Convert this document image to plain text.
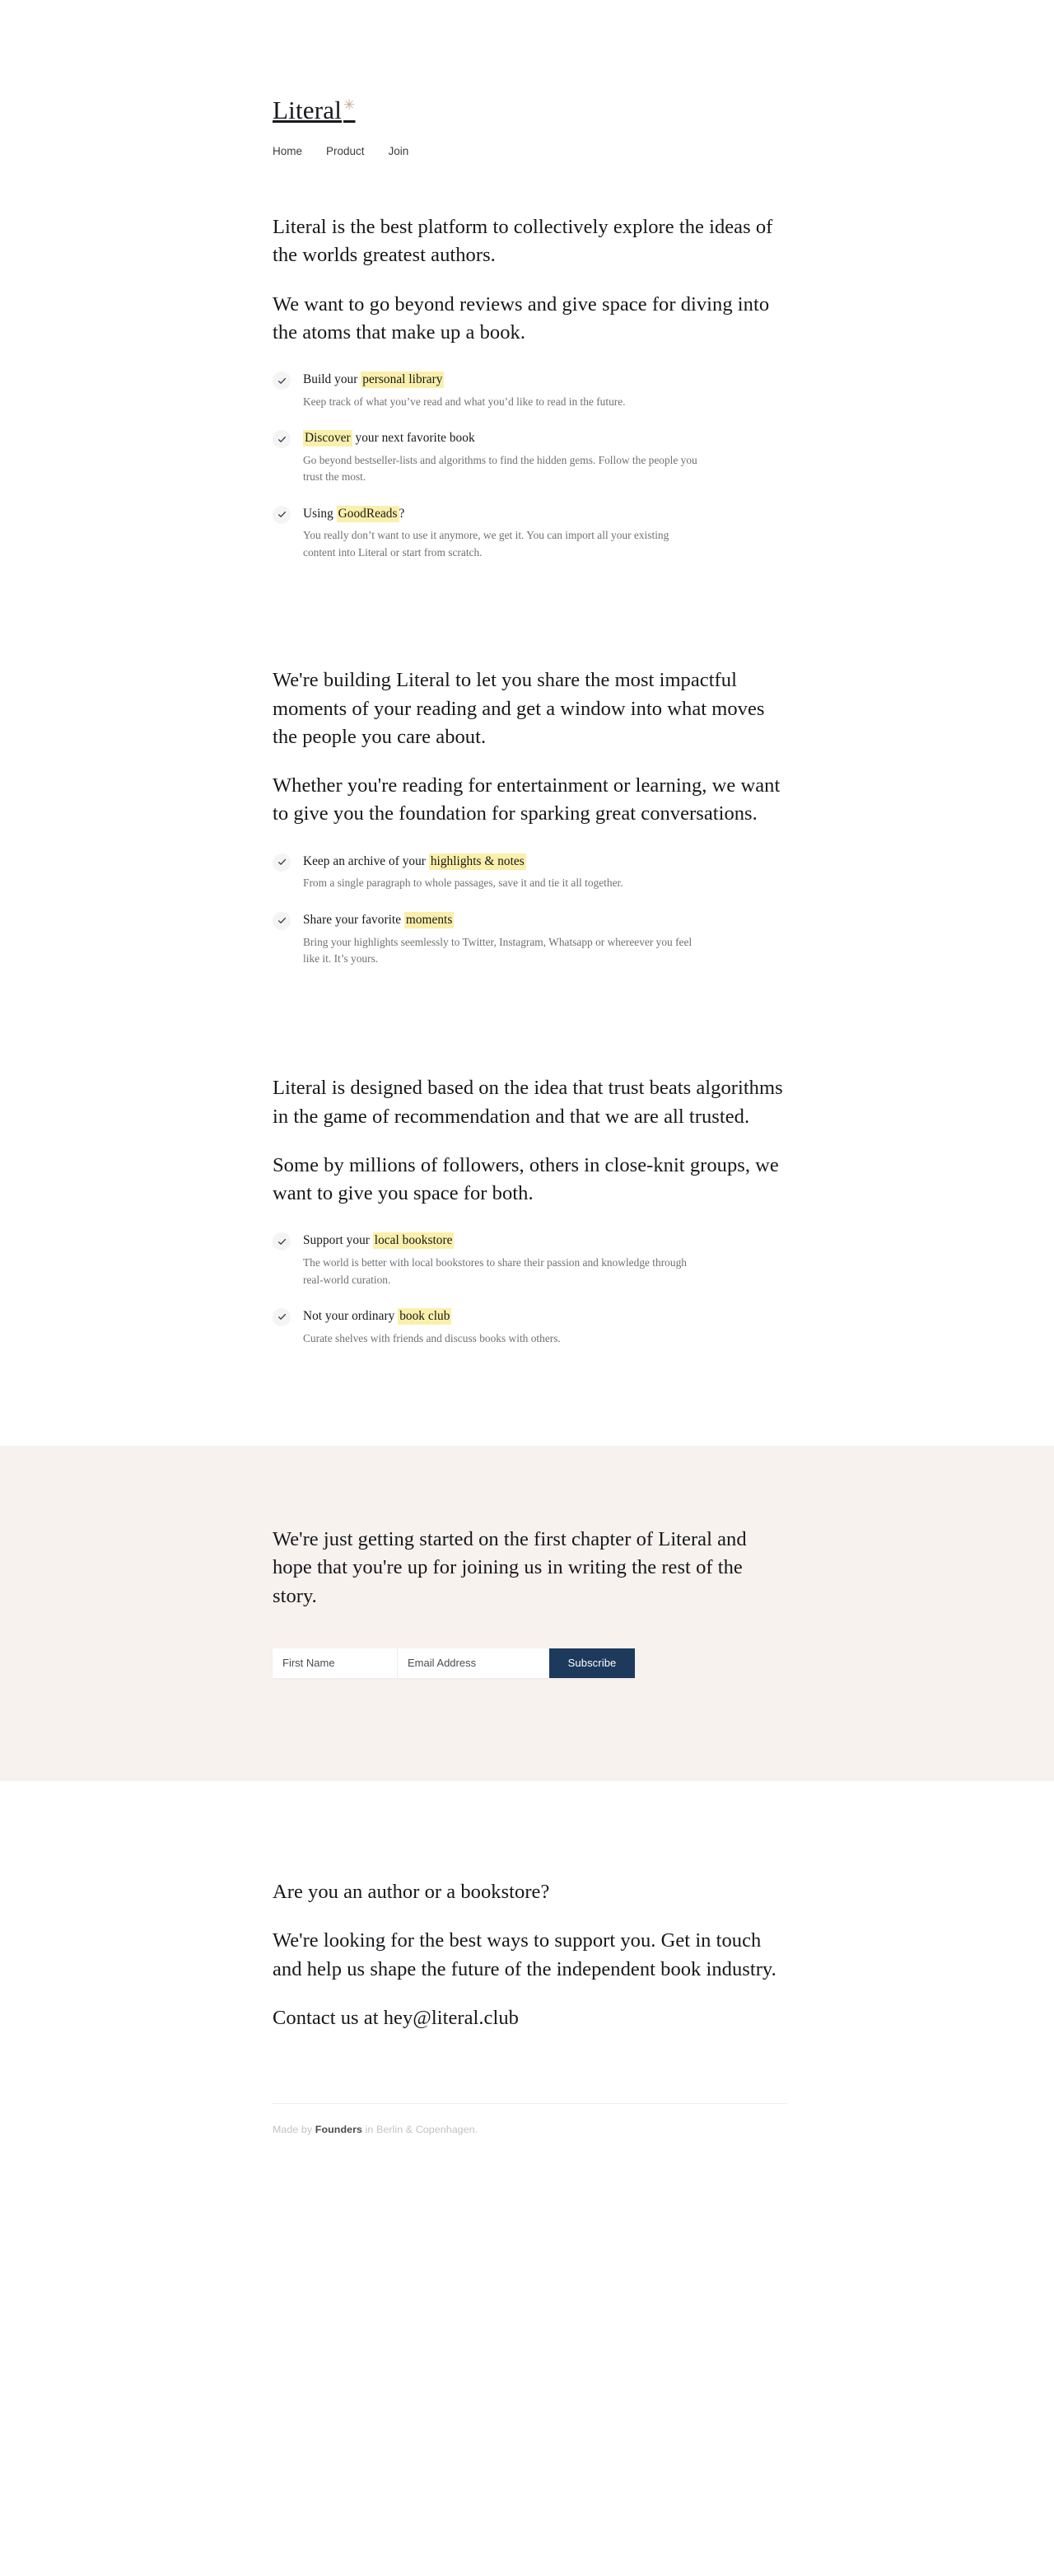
Literal ✳
Home Product Join

Literal is the best platform to collectively explore the ideas of the worlds greatest authors.

We want to go beyond reviews and give space for diving into the atoms that make up a book.

Build your personal library

Keep track of what you’ve read and what you’d like to read in the future.

Discover your next favorite book

Go beyond bestseller-lists and algorithms to find the hidden gems. Follow the people you trust the most.

Using GoodReads ?

You really don’t want to use it anymore, we get it. You can import all your existing content into Literal or start from scratch.

We're building Literal to let you share the most impactful moments of your reading and get a window into what moves the people you care about.

Whether you're reading for entertainment or learning, we want to give you the foundation for sparking great conversations.

Keep an archive of your highlights & notes

From a single paragraph to whole passages, save it and tie it all together.

Share your favorite moments

Bring your highlights seemlessly to Twitter, Instagram, Whatsapp or whereever you feel like it. It’s yours.

Literal is designed based on the idea that trust beats algorithms in the game of recommendation and that we are all trusted.

Some by millions of followers, others in close-knit groups, we want to give you space for both.

Support your local bookstore

The world is better with local bookstores to share their passion and knowledge through real-world curation.

Not your ordinary book club

Curate shelves with friends and discuss books with others.

We're just getting started on the first chapter of Literal and hope that you're up for joining us in writing the rest of the story.

First Name
Email Address
Subscribe

Are you an author or a bookstore?

We're looking for the best ways to support you. Get in touch and help us shape the future of the independent book industry.

Contact us at hey@literal.club

Made by Founders in Berlin & Copenhagen.
